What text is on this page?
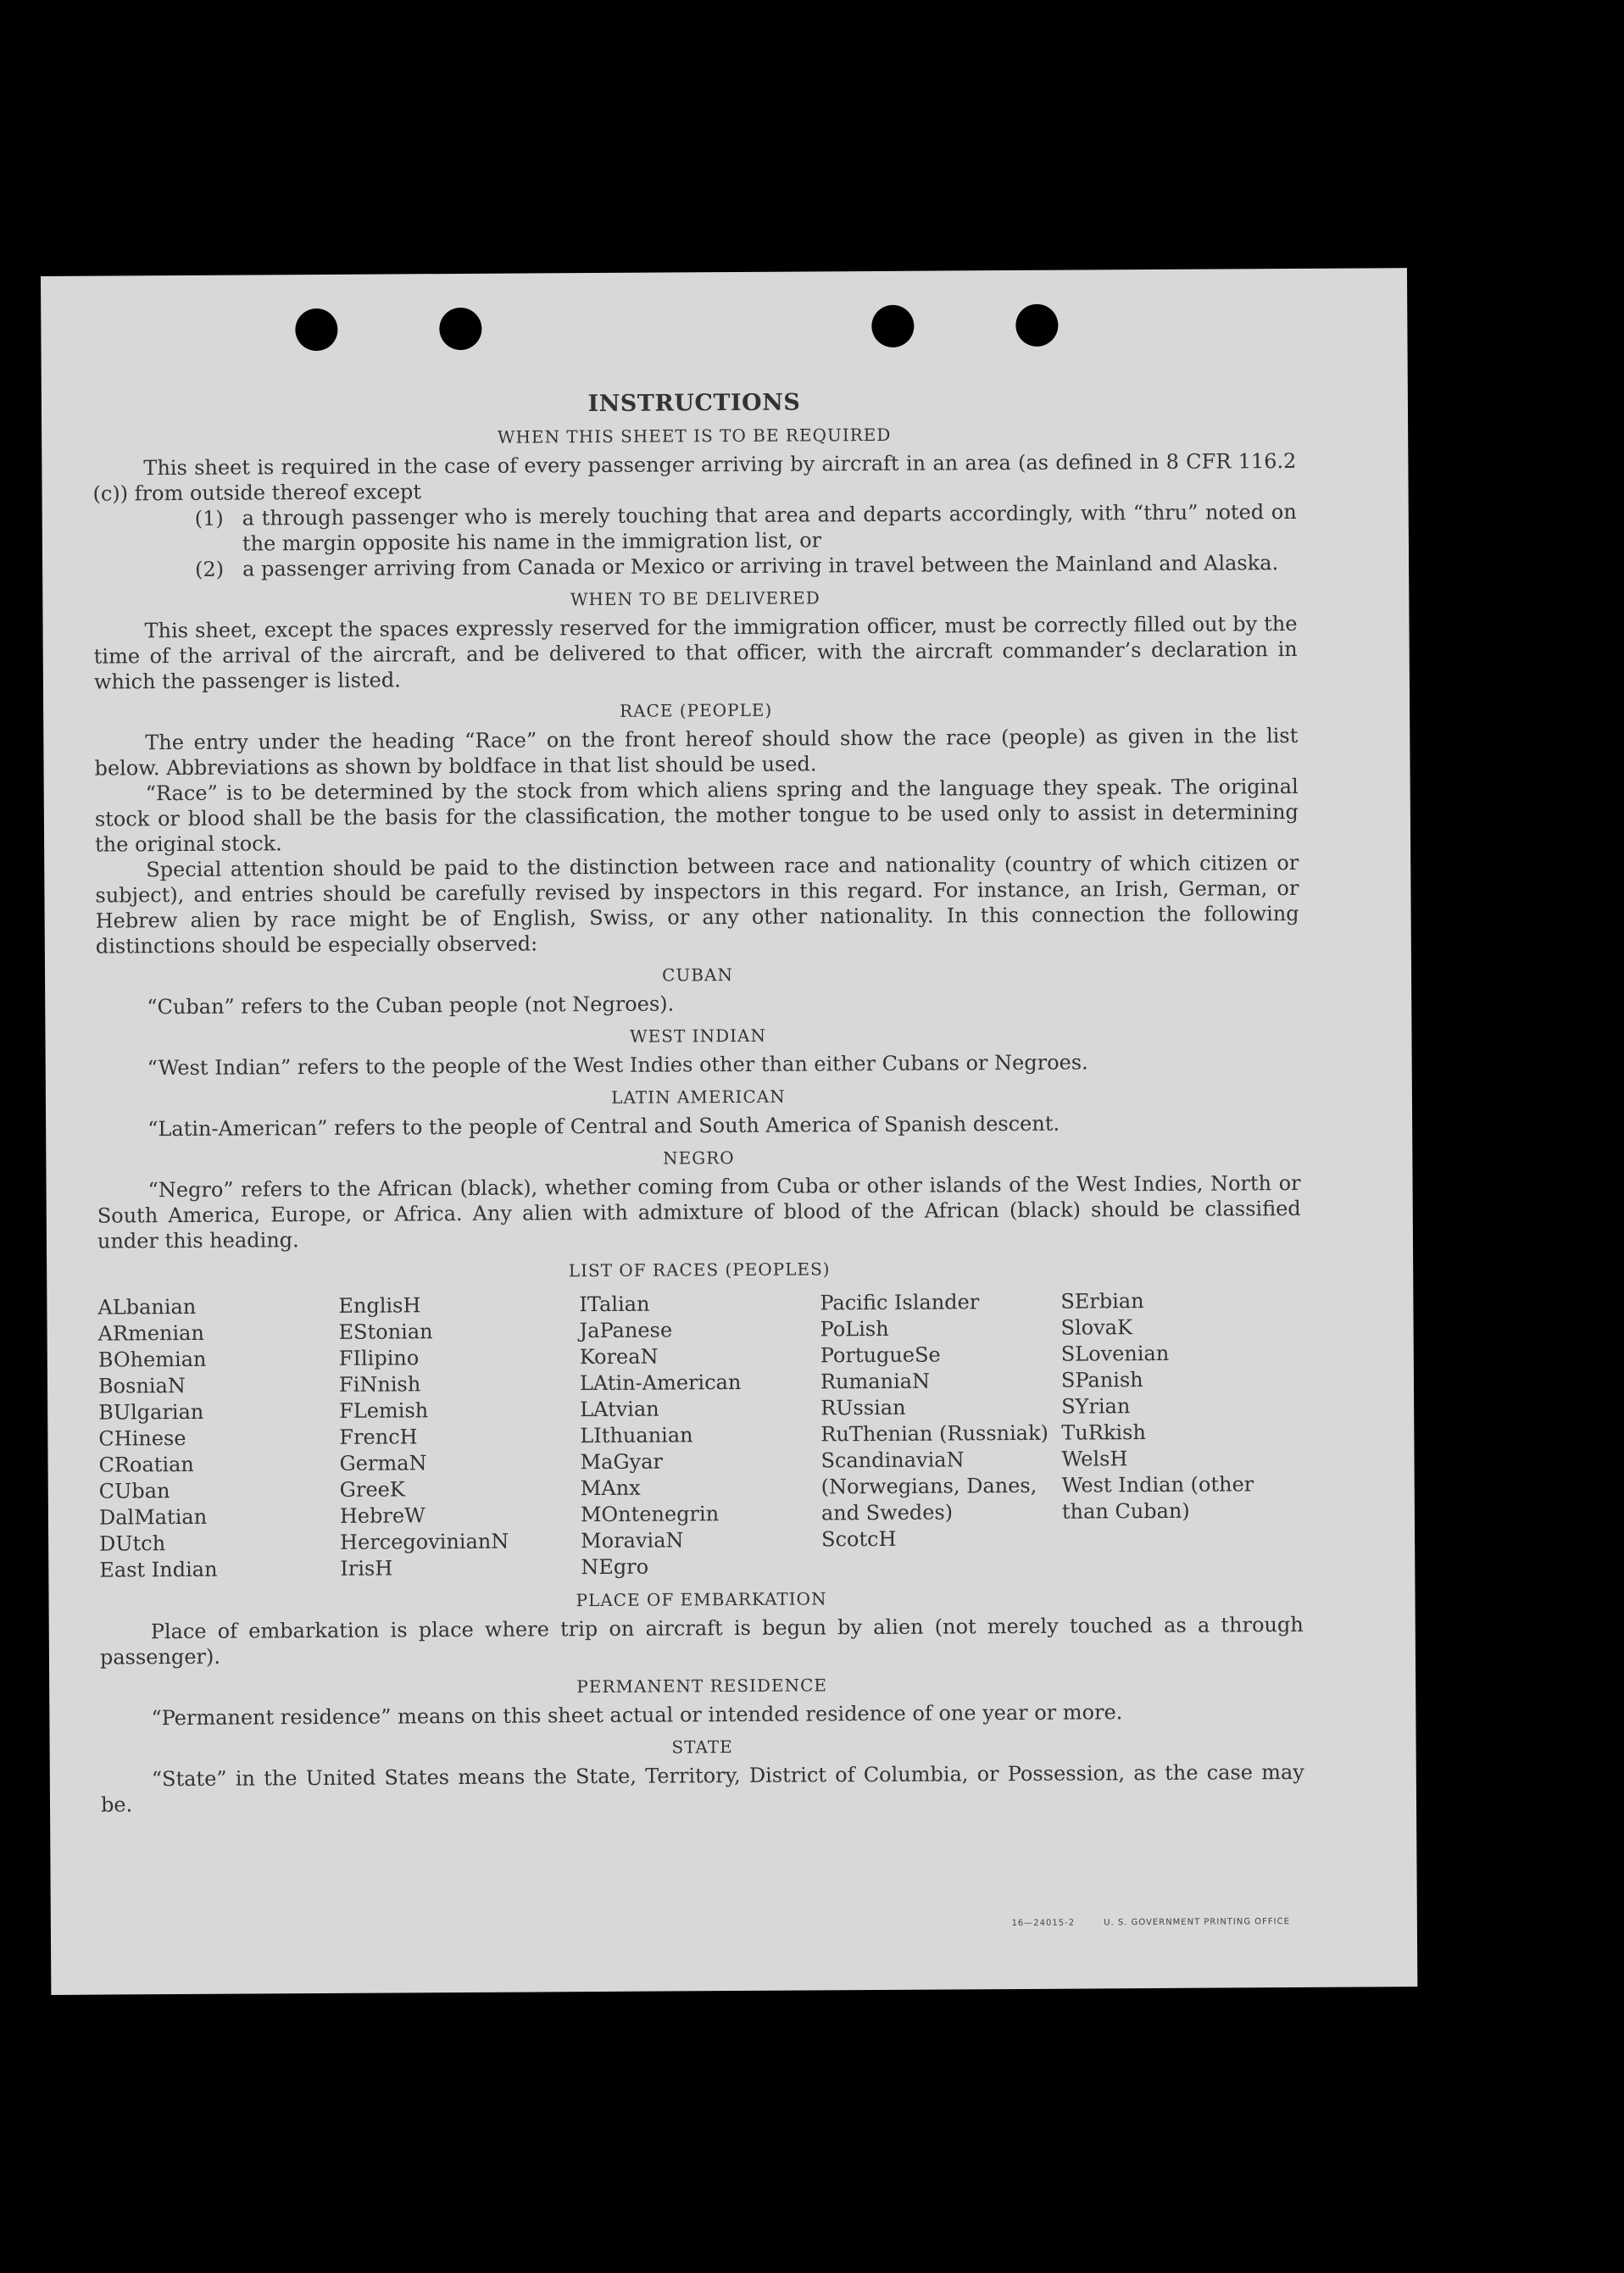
INSTRUCTIONS
WHEN THIS SHEET IS TO BE REQUIRED

This sheet is required in the case of every passenger arriving by aircraft in an area (as defined in 8 CFR 116.2 (c)) from outside thereof except

(1) a through passenger who is merely touching that area and departs accordingly, with “thru” noted on the margin opposite his name in the immigration list, or
(2) a passenger arriving from Canada or Mexico or arriving in travel between the Mainland and Alaska.
WHEN TO BE DELIVERED

This sheet, except the spaces expressly reserved for the immigration officer, must be correctly filled out by the time of the arrival of the aircraft, and be delivered to that officer, with the aircraft commander’s declaration in which the passenger is listed.

RACE (PEOPLE)

The entry under the heading “Race” on the front hereof should show the race (people) as given in the list below. Abbreviations as shown by boldface in that list should be used.

“Race” is to be determined by the stock from which aliens spring and the language they speak. The original stock or blood shall be the basis for the classification, the mother tongue to be used only to assist in determining the original stock.

Special attention should be paid to the distinction between race and nationality (country of which citizen or subject), and entries should be carefully revised by inspectors in this regard. For instance, an Irish, German, or Hebrew alien by race might be of English, Swiss, or any other nationality. In this connection the following distinctions should be especially observed:

CUBAN

“Cuban” refers to the Cuban people (not Negroes).

WEST INDIAN

“West Indian” refers to the people of the West Indies other than either Cubans or Negroes.

LATIN AMERICAN

“Latin-American” refers to the people of Central and South America of Spanish descent.

NEGRO

“Negro” refers to the African (black), whether coming from Cuba or other islands of the West Indies, North or South America, Europe, or Africa. Any alien with admixture of blood of the African (black) should be classified under this heading.

LIST OF RACES (PEOPLES)
ALbanian
ARmenian
BOhemian
BosniaN
BUlgarian
CHinese
CRoatian
CUban
DalMatian
DUtch
East Indian
EnglisH
EStonian
FIlipino
FiNnish
FLemish
FrencH
GermaN
GreeK
HebreW
HercegovinianN
IrisH
ITalian
JaPanese
KoreaN
LAtin-American
LAtvian
LIthuanian
MaGyar
MAnx
MOntenegrin
MoraviaN
NEgro
Pacific Islander
PoLish
PortugueSe
RumaniaN
RUssian
RuThenian (Russniak)
ScandinaviaN (Norwegians, Danes, and Swedes)
ScotcH
SErbian
SlovaK
SLovenian
SPanish
SYrian
TuRkish
WelsH
West Indian (other than Cuban)
PLACE OF EMBARKATION

Place of embarkation is place where trip on aircraft is begun by alien (not merely touched as a through passenger).

PERMANENT RESIDENCE

“Permanent residence” means on this sheet actual or intended residence of one year or more.

STATE

“State” in the United States means the State, Territory, District of Columbia, or Possession, as the case may be.

16—24015-2	U. S. GOVERNMENT PRINTING OFFICE
